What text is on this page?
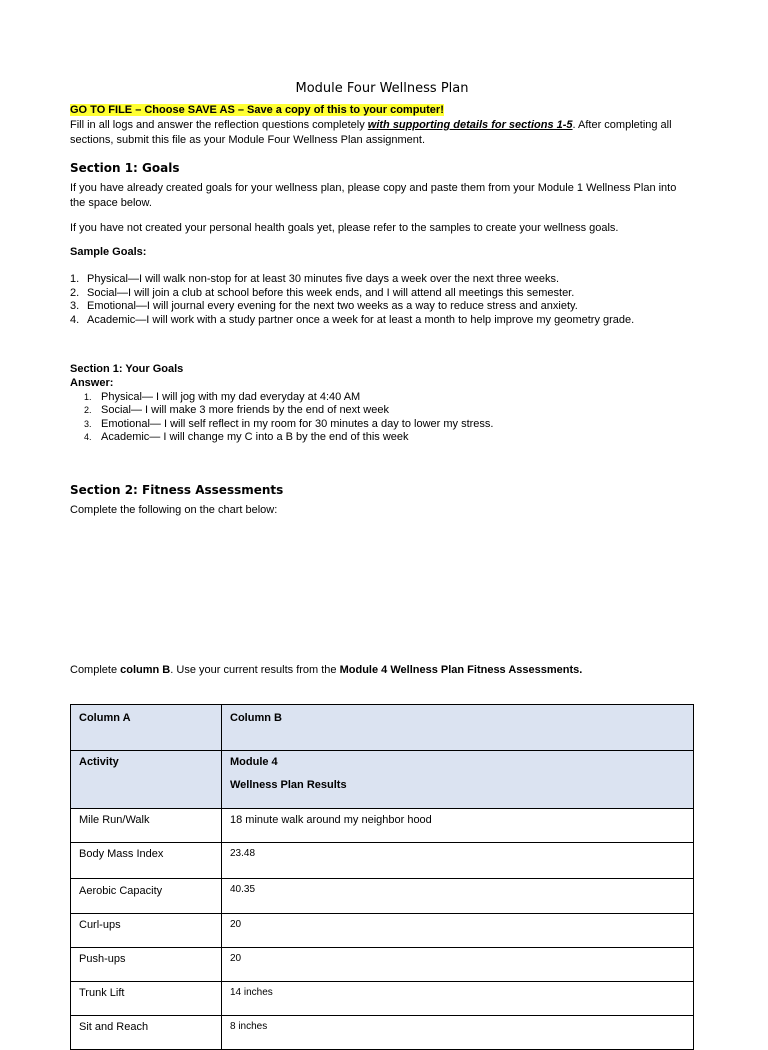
Module Four Wellness Plan
GO TO FILE – Choose SAVE AS – Save a copy of this to your computer!

Fill in all logs and answer the reflection questions completely with supporting details for sections 1-5. After completing all sections, submit this file as your Module Four Wellness Plan assignment.

Section 1: Goals

If you have already created goals for your wellness plan, please copy and paste them from your Module 1 Wellness Plan into the space below.

If you have not created your personal health goals yet, please refer to the samples to create your wellness goals.

Sample Goals:

1. Physical—I will walk non-stop for at least 30 minutes five days a week over the next three weeks.
2. Social—I will join a club at school before this week ends, and I will attend all meetings this semester.
3. Emotional—I will journal every evening for the next two weeks as a way to reduce stress and anxiety.
4. Academic—I will work with a study partner once a week for at least a month to help improve my geometry grade.
Section 1: Your Goals
Answer:
1. Physical— I will jog with my dad everyday at 4:40 AM
2. Social— I will make 3 more friends by the end of next week
3. Emotional— I will self reflect in my room for 30 minutes a day to lower my stress.
4. Academic— I will change my C into a B by the end of this week
Section 2: Fitness Assessments

Complete the following on the chart below:

Complete column B. Use your current results from the Module 4 Wellness Plan Fitness Assessments.

Column A	Column B
Activity	Module 4
Wellness Plan Results

Mile Run/Walk	18 minute walk around my neighbor hood
Body Mass Index	23.48
Aerobic Capacity	40.35
Curl-ups	20
Push-ups	20
Trunk Lift	14 inches
Sit and Reach	8 inches
